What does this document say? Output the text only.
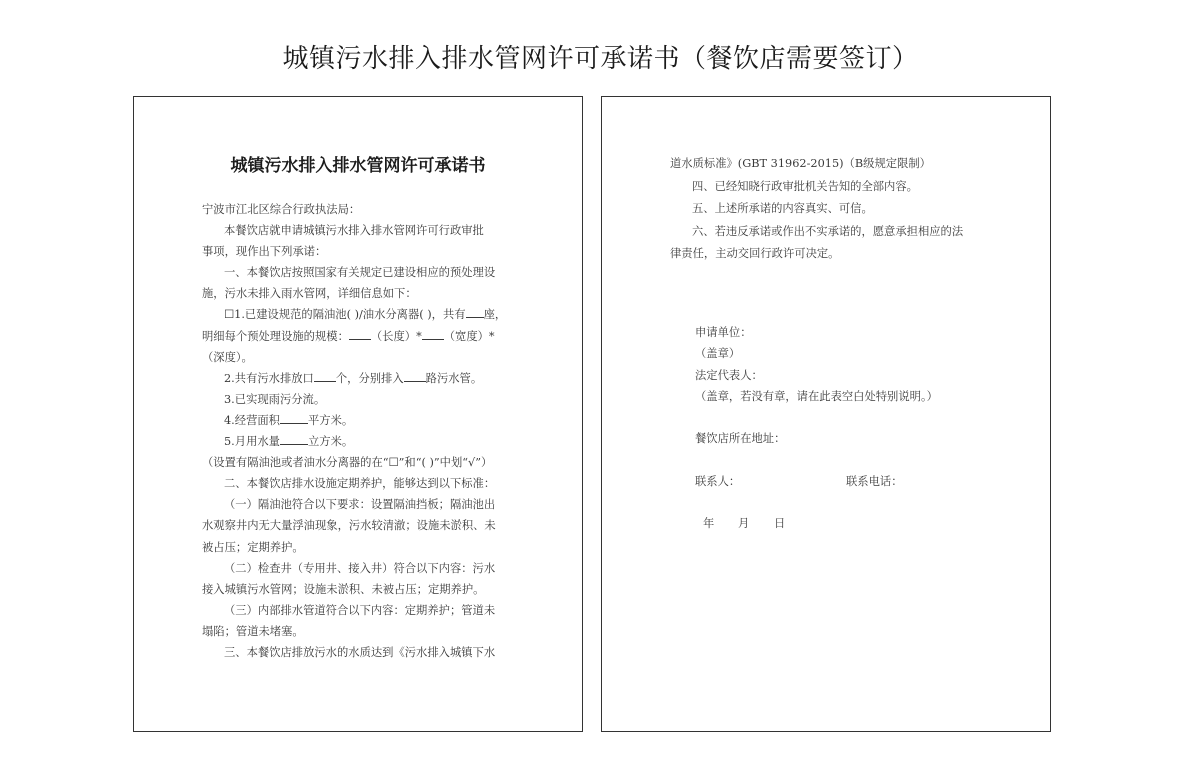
城镇污水排入排水管网许可承诺书（餐饮店需要签订）
城镇污水排入排水管网许可承诺书
宁波市江北区综合行政执法局：
本餐饮店就申请城镇污水排入排水管网许可行政审批
事项，现作出下列承诺：
一、本餐饮店按照国家有关规定已建设相应的预处理设
施，污水未排入雨水管网，详细信息如下：
☐1.已建设规范的隔油池( )/油水分离器( )，共有 座，
明细每个预处理设施的规模： （长度）* （宽度）*
（深度）。
2.共有污水排放口 个，分别排入 路污水管。
3.已实现雨污分流。
4.经营面积 平方米。
5.月用水量 立方米。
（设置有隔油池或者油水分离器的在“☐”和“( )”中划“√”）
二、本餐饮店排水设施定期养护，能够达到以下标准：
（一）隔油池符合以下要求：设置隔油挡板；隔油池出
水观察井内无大量浮油现象，污水较清澈；设施未淤积、未
被占压；定期养护。
（二）检查井（专用井、接入井）符合以下内容：污水
接入城镇污水管网；设施未淤积、未被占压；定期养护。
（三）内部排水管道符合以下内容：定期养护；管道未
塌陷；管道未堵塞。
三、本餐饮店排放污水的水质达到《污水排入城镇下水
道水质标准》(GBT 31962-2015)（B级规定限制）
四、已经知晓行政审批机关告知的全部内容。
五、上述所承诺的内容真实、可信。
六、若违反承诺或作出不实承诺的，愿意承担相应的法
律责任，主动交回行政许可决定。
申请单位：
（盖章）
法定代表人：
（盖章，若没有章，请在此表空白处特别说明。）
餐饮店所在地址：
联系人：	联系电话：
年 月 日
